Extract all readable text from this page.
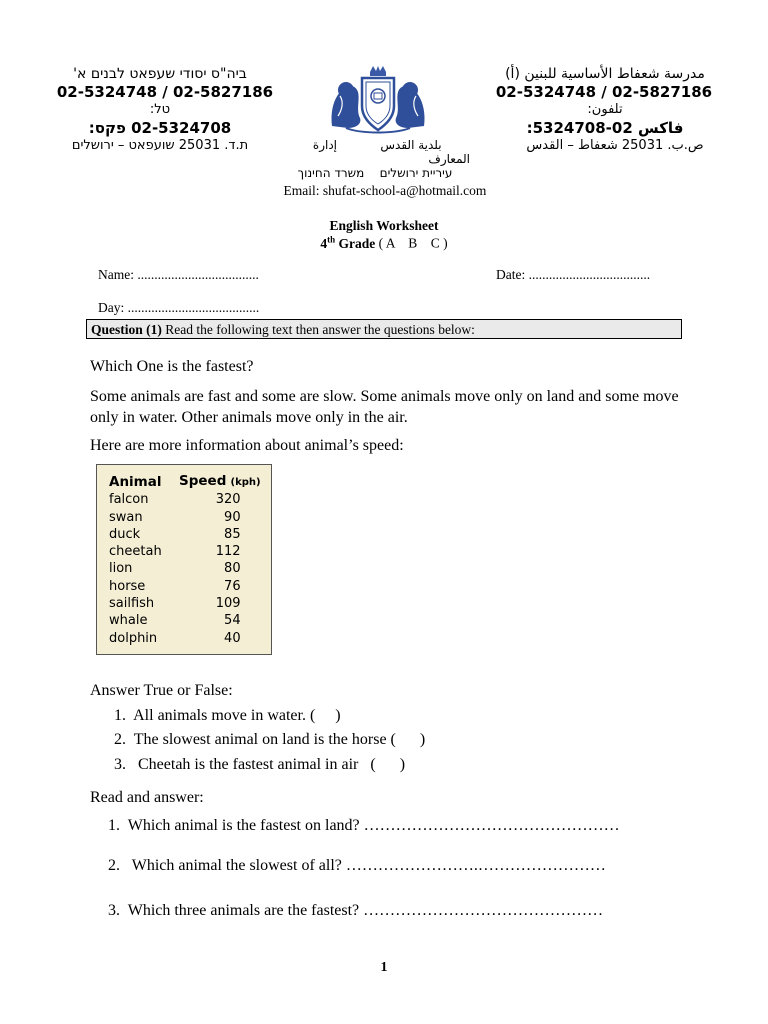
ביה"ס יסודי שעפאט לבנים א'
02-5324748 / 02-5827186
טל:
02-5324708 פקס:
ת.ד. 25031 שועפאט – ירושלים
مدرسة شعفاط الأساسية للبنين (أ)
02-5324748 / 02-5827186
تلفون:
فاكس 02-5324708:
ص.ب. 25031 شعفاط – القدس
بلدية القدس
إدارة
المعارف
עיריית ירושלים
משרד החינוך
Email: shufat-school-a@hotmail.com
English Worksheet
4th Grade ( A    B    C )
Name: ....................................	Date: ....................................
Day: .......................................
Question (1) Read the following text then answer the questions below:
Which One is the fastest?
Some animals are fast and some are slow. Some animals move only on land and some move only in water. Other animals move only in the air.
Here are more information about animal’s speed:
Animal	Speed (kph)
falcon	320
swan	90
duck	85
cheetah	112
lion	80
horse	76
sailfish	109
whale	54
dolphin	40
Answer True or False:
1.  All animals move in water. (     )
2.  The slowest animal on land is the horse (      )
3.   Cheetah is the fastest animal in air   (      )
Read and answer:
1.  Which animal is the fastest on land? …………………………………………
2.   Which animal the slowest of all? …………………….……………………
3.  Which three animals are the fastest? ………………………………………
1
